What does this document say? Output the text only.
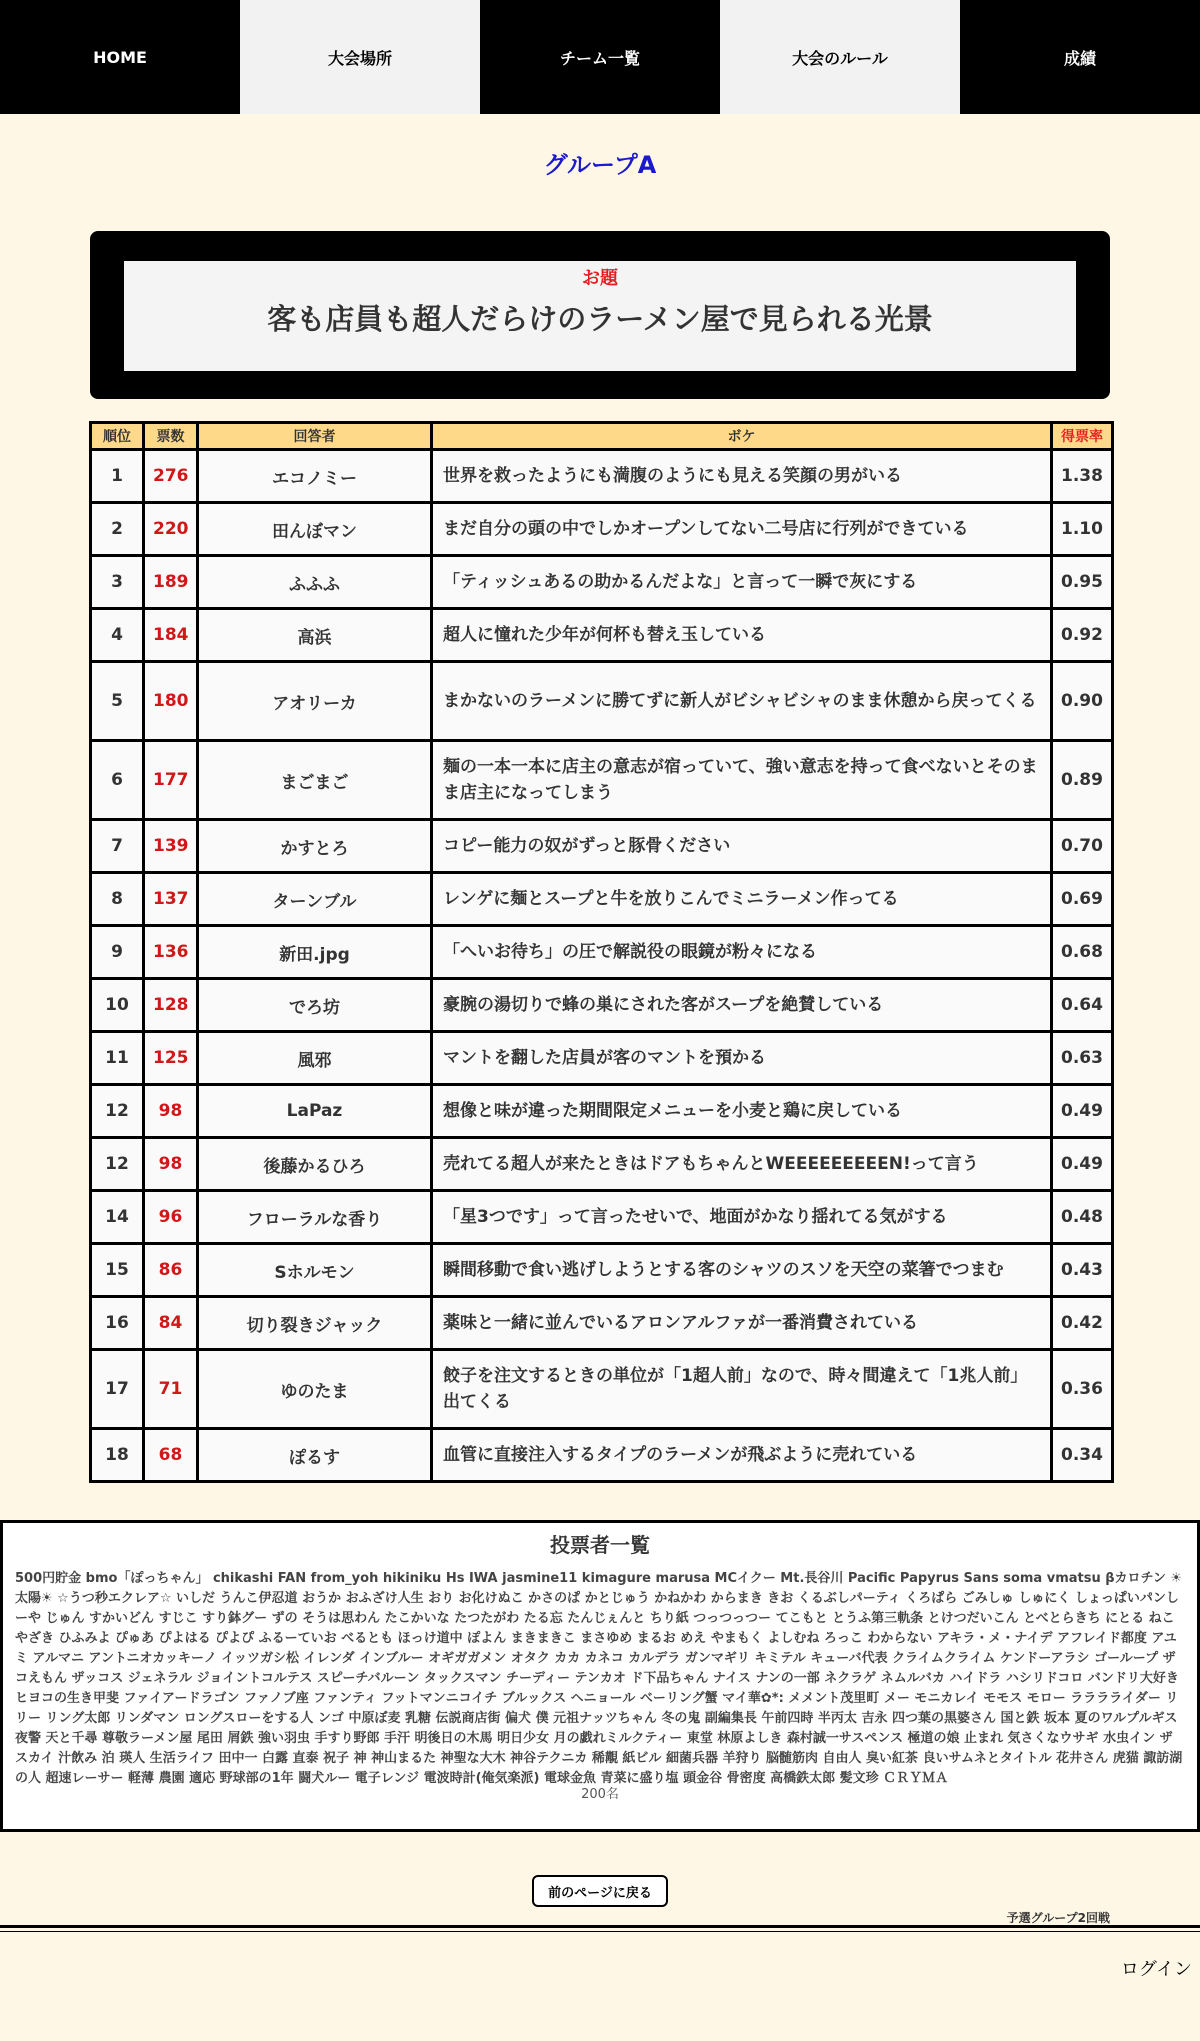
HOME	大会場所	チーム一覧	大会のルール	成績
グループA
お題
客も店員も超人だらけのラーメン屋で見られる光景
順位	票数	回答者	ボケ	得票率
1	276	エコノミー	世界を救ったようにも満腹のようにも見える笑顔の男がいる	1.38
2	220	田んぼマン	まだ自分の頭の中でしかオープンしてない二号店に行列ができている	1.10
3	189	ふふふ	「ティッシュあるの助かるんだよな」と言って一瞬で灰にする	0.95
4	184	高浜	超人に憧れた少年が何杯も替え玉している	0.92
5	180	アオリーカ	まかないのラーメンに勝てずに新人がビシャビシャのまま休憩から戻ってくる	0.90
6	177	まごまご	麺の一本一本に店主の意志が宿っていて、強い意志を持って食べないとそのまま店主になってしまう	0.89
7	139	かすとろ	コピー能力の奴がずっと豚骨ください	0.70
8	137	ターンブル	レンゲに麺とスープと牛を放りこんでミニラーメン作ってる	0.69
9	136	新田.jpg	「へいお待ち」の圧で解説役の眼鏡が粉々になる	0.68
10	128	でろ坊	豪腕の湯切りで蜂の巣にされた客がスープを絶賛している	0.64
11	125	風邪	マントを翻した店員が客のマントを預かる	0.63
12	98	LaPaz	想像と味が違った期間限定メニューを小麦と鶏に戻している	0.49
12	98	後藤かるひろ	売れてる超人が来たときはドアもちゃんとWEEEEEEEEEN!って言う	0.49
14	96	フローラルな香り	「星3つです」って言ったせいで、地面がかなり揺れてる気がする	0.48
15	86	Sホルモン	瞬間移動で食い逃げしようとする客のシャツのスソを天空の菜箸でつまむ	0.43
16	84	切り裂きジャック	薬味と一緒に並んでいるアロンアルファが一番消費されている	0.42
17	71	ゆのたま	餃子を注文するときの単位が「1超人前」なので、時々間違えて「1兆人前」出てくる	0.36
18	68	ぽるす	血管に直接注入するタイプのラーメンが飛ぶように売れている	0.34
投票者一覧

500円貯金 bmo「ぽっちゃん」 chikashi FAN from_yoh hikiniku Hs IWA jasmine11 kimagure marusa MCイクー Mt.長谷川 Pacific Papyrus Sans soma vmatsu βカロチン ☀太陽☀ ☆うつ秒エクレア☆ いしだ うんこ伊忍道 おうか おふざけ人生 おり お化けぬこ かさのぱ かとじゅう かねかわ からまき きお くるぶしパーティ くろぱら ごみしゅ しゅにく しょっぱいパンしーや じゅん すかいどん すじこ すり鉢グー ずの そうは思わん たこかいな たつたがわ たる忘 たんじぇんと ちり紙 つっつっつー てこもと とうふ第三軌条 とけつだいこん とべとらきち にとる ねこやざき ひふみよ ぴゅあ ぴよはる ぴよぴ ふるーていお べるとも ほっけ道中 ぽよん まきまきこ まさゆめ まるお めえ やまもく よしむね ろっこ わからない アキラ・メ・ナイデ アフレイド都度 アユミ アルマニ アントニオカッキーノ イッツガシ松 イレンダ インブルー オギガガメン オタク カカ カネコ カルデラ ガンマギリ キミテル キューバ代表 クライムクライム ケンドーアラシ ゴーループ ザコえもん ザッコス ジェネラル ジョイントコルテス スピーチバルーン タックスマン チーディー テンカオ ド下品ちゃん ナイス ナンの一部 ネクラゲ ネムルバカ ハイドラ ハシリドコロ バンドリ大好き ヒヨコの生き甲斐 ファイアードラゴン ファノブ座 ファンティ フットマンニコイチ ブルックス ヘニョール ベーリング蟹 マイ華✿*: メメント茂里町 メー モニカレイ モモス モロー ラララライダー リリー リング太郎 リンダマン ロングスローをする人 ンゴ 中原ぼ麦 乳糖 伝説商店街 偏犬 僕 元祖ナッツちゃん 冬の鬼 副編集長 午前四時 半丙太 吉永 四つ葉の黒婆さん 国と鉄 坂本 夏のワルプルギス 夜警 天と千尋 尊敬ラーメン屋 尾田 屑鉄 強い羽虫 手すり野郎 手汗 明後日の木馬 明日少女 月の戯れミルクティー 東堂 林原よしき 森村誠一サスペンス 極道の娘 止まれ 気さくなウサギ 水虫イン ザスカイ 汁飲み 泊 瑛人 生活ライフ 田中一 白露 直泰 祝子 神 神山まるた 神聖な大木 神谷テクニカ 稀覯 紙ビル 細菌兵器 羊狩り 脳髄筋肉 自由人 臭い紅茶 良いサムネとタイトル 花井さん 虎猫 諏訪湖の人 超速レーサー 軽薄 農園 適応 野球部の1年 闘犬ルー 電子レンジ 電波時計(俺気楽派) 電球金魚 青菜に盛り塩 頭金谷 骨密度 高橋鉄太郎 髪文珍 ＣＲＹＭＡ

200名
前のページに戻る
予選グループ2回戦
ログイン
